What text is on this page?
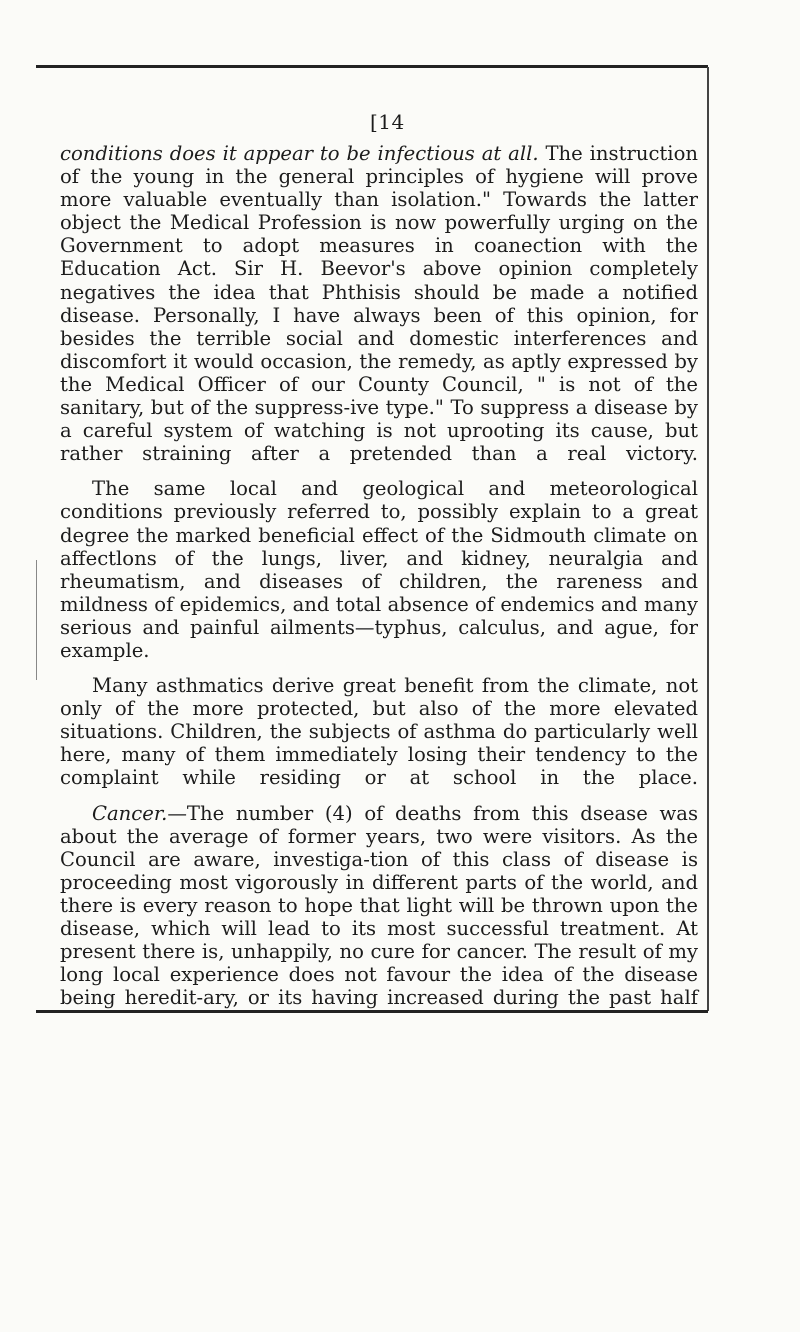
[14

conditions does it appear to be infectious at all. The instruction of the young in the general principles of hygiene will prove more valuable eventually than isolation." Towards the latter object the Medical Profession is now powerfully urging on the Government to adopt measures in coanection with the Education Act. Sir H. Beevor's above opinion completely negatives the idea that Phthisis should be made a notified disease. Personally, I have always been of this opinion, for besides the terrible social and domestic interferences and discomfort it would occasion, the remedy, as aptly expressed by the Medical Officer of our County Council, " is not of the sanitary, but of the suppress-ive type." To suppress a disease by a careful system of watching is not uprooting its cause, but rather straining after a pretended than a real victory.

The same local and geological and meteorological conditions previously referred to, possibly explain to a great degree the marked beneficial effect of the Sidmouth climate on affectlons of the lungs, liver, and kidney, neuralgia and rheumatism, and diseases of children, the rareness and mildness of epidemics, and total absence of endemics and many serious and painful ailments—typhus, calculus, and ague, for example.

Many asthmatics derive great benefit from the climate, not only of the more protected, but also of the more elevated situations. Children, the subjects of asthma do particularly well here, many of them immediately losing their tendency to the complaint while residing or at school in the place.

Cancer.—The number (4) of deaths from this dsease was about the average of former years, two were visitors. As the Council are aware, investiga-tion of this class of disease is proceeding most vigorously in different parts of the world, and there is every reason to hope that light will be thrown upon the disease, which will lead to its most successful treatment. At present there is, unhappily, no cure for cancer. The result of my long local experience does not favour the idea of the disease being heredit-ary, or its having increased during the past half
